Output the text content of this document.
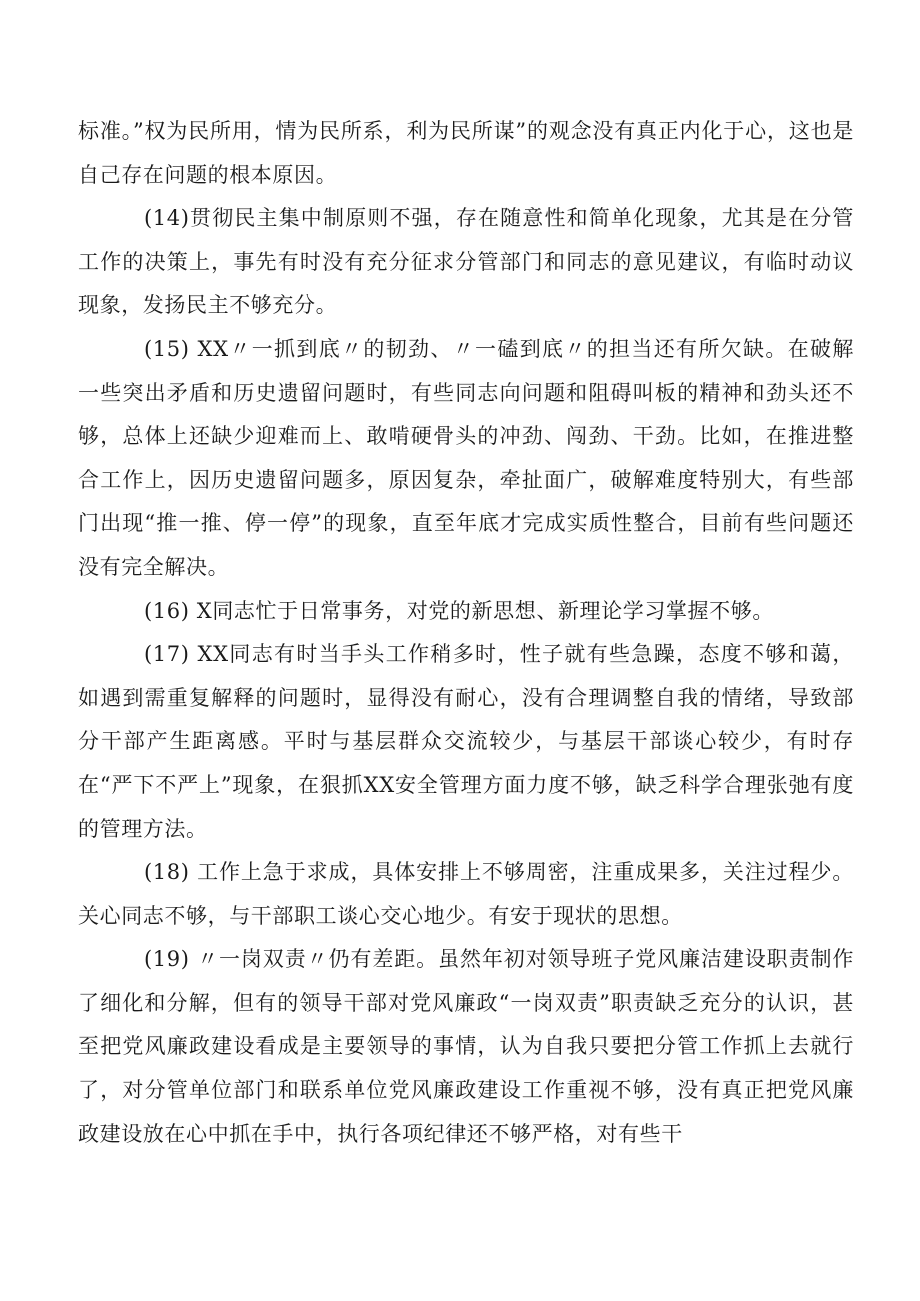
标准。”权为民所用，情为民所系，利为民所谋”的观念没有真正内化于心，这也是自己存在问题的根本原因。

(14)贯彻民主集中制原则不强，存在随意性和简单化现象，尤其是在分管工作的决策上，事先有时没有充分征求分管部门和同志的意见建议，有临时动议现象，发扬民主不够充分。

(15) XX〃一抓到底〃的韧劲、〃一磕到底〃的担当还有所欠缺。在破解一些突出矛盾和历史遗留问题时，有些同志向问题和阻碍叫板的精神和劲头还不够，总体上还缺少迎难而上、敢啃硬骨头的冲劲、闯劲、干劲。比如，在推进整合工作上，因历史遗留问题多，原因复杂，牵扯面广，破解难度特别大，有些部门出现“推一推、停一停”的现象，直至年底才完成实质性整合，目前有些问题还没有完全解决。

(16) X同志忙于日常事务，对党的新思想、新理论学习掌握不够。

(17) XX同志有时当手头工作稍多时，性子就有些急躁，态度不够和蔼，如遇到需重复解释的问题时，显得没有耐心，没有合理调整自我的情绪，导致部分干部产生距离感。平时与基层群众交流较少，与基层干部谈心较少，有时存在“严下不严上”现象，在狠抓XX安全管理方面力度不够，缺乏科学合理张弛有度的管理方法。

(18) 工作上急于求成，具体安排上不够周密，注重成果多，关注过程少。关心同志不够，与干部职工谈心交心地少。有安于现状的思想。

(19) 〃一岗双责〃仍有差距。虽然年初对领导班子党风廉洁建设职责制作了细化和分解，但有的领导干部对党风廉政“一岗双责”职责缺乏充分的认识，甚至把党风廉政建设看成是主要领导的事情，认为自我只要把分管工作抓上去就行了，对分管单位部门和联系单位党风廉政建设工作重视不够，没有真正把党风廉政建设放在心中抓在手中，执行各项纪律还不够严格，对有些干
